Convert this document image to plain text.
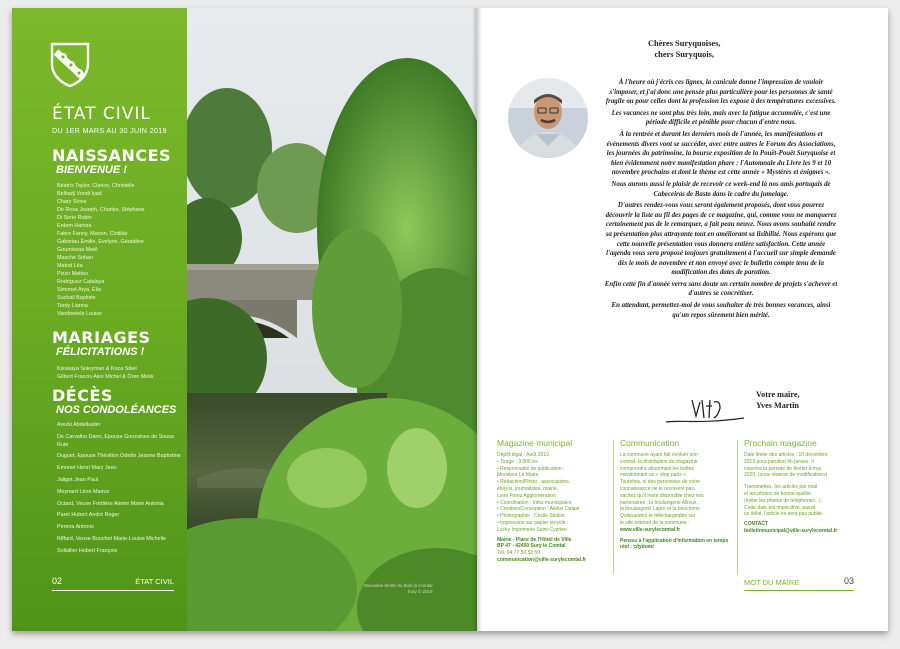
ÉTAT CIVIL
DU 1ER MARS AU 30 JUIN 2019
NAISSANCES
BIENVENUE !
Béatrix Taylor, Clarice, Christelle
Belhadj Vondi Iyad
Chary Sirine
De Rosa Joseph, Charles, Stéphane
Di Serio Robin
Erdem Hamza
Fabre Fanny, Manon, Clotilde
Gaboriau Émilie, Evelyne, Géraldine
Goumissaa Maël
Masche Sohan
Matrat Léa
Pizzo Matteo
Rodriguez Catalaya
Simonet Arya, Élia
Suchail Baptiste
Tardy Lianna
Vandewiele Louise
MARIAGES
FÉLICITATIONS !
Kisukaya Soleyman & Koca Sibel
Gilbert Francis Alex Michel & Ören Melis
DÉCÈS
NOS CONDOLÉANCES
Arezki Abdelkader
De Carvalho Dairo, Épouse Gonzalves de Sousa Rute
Duguet, Épouse Thévillon Odette Jeanne Baptistine
Emonet Henri Mary Jean
Jaligot Jean Paul
Meynard Léon Marius
Octard, Veuve Frédière Aimée Marie Antonia
Paret Hubert André Roger
Pereira Antonio
Riffard, Veuve Bouchet Marie-Louise Michelle
Sollallier Hubert François
02	ÉTAT CIVIL	Mouvaise Morte du Bois la Comtal
Sury © 2019
Chères Suryquoises,
chers Suryquois,

À l'heure où j'écris ces lignes, la canicule donne l'impression de vouloir s'imposer, et j'ai donc une pensée plus particulière pour les personnes de santé fragile ou pour celles dont la profession les expose à des températures excessives.

Les vacances ne sont plus très loin, mais avec la fatigue accumulée, c'est une période difficile et pénible pour chacun d'entre nous.

À la rentrée et durant les derniers mois de l'année, les manifestations et événements divers vont se succéder, avec entre autres le Forum des Associations, les journées du patrimoine, la bourse exposition de la Pouët-Pouët Suryquoise et bien évidemment notre manifestation phare : l'Automnale du Livre les 9 et 10 novembre prochains et dont le thème est cette année « Mystères et énigmes ».

Nous aurons aussi le plaisir de recevoir ce week-end là nos amis portugais de Cabeceiras de Basto dans le cadre du jumelage.

D'autres rendez-vous vous seront également proposés, dont vous pourrez découvrir la liste au fil des pages de ce magazine, qui, comme vous ne manquerez certainement pas de le remarquer, a fait peau neuve. Nous avons souhaité rendre sa présentation plus attrayante tout en améliorant sa lisibilité. Nous espérons que cette nouvelle présentation vous donnera entière satisfaction. Cette année l'agenda vous sera proposé toujours gratuitement à l'accueil sur simple demande dès le mois de novembre et non envoyé avec le bulletin compte tenu de la modification des dates de parution.

Enfin cette fin d'année verra sans doute un certain nombre de projets s'achever et d'autres se concrétiser.

En attendant, permettez-moi de vous souhaiter de très bonnes vacances, ainsi qu'un repos sûrement bien mérité.

Votre maire,
Yves Martin
Magazine municipal
Dépôt légal : Août 2019
• Tirage : 3 000 ex.
• Responsable de publication :
Monsieur Le Maire
• Rédaction/Photo : associations,
élu(e)s, journalistes, mairie,
Loire Forez Agglomération
• Coordination : Infos municipales
• Création/Conception : Atelier Dalale
• Photographie : Cécile Stollon
• Impression sur papier recyclé :
Lucky Imprimerie Saint-Cyprien
Mairie - Place de l'Hôtel de Ville
BP 47 - 42450 Sury le Comtal
Tél. 04 77 50 52 50
communication@ville-surylecomtal.fr
Communication
La commune ayant fait évoluer son
contrat, la distribution du magazine
comprendra désormais les boîtes
mentionnant un « stop pubs ».
Toutefois, si des personnes de votre
connaissance ne le reçoivent pas,
sachez qu'il reste disponible chez nos
partenaires : la boulangerie Allioux,
la boulangerie Lapro et la boucherie
Quiquandon et téléchargeable sur
le site internet de la commune :
www.ville-surylecomtal.fr
Pensez à l'application d'information en temps réel : citykomi
Prochain magazine
Date limite des articles : 10 décembre
2019 pour parution fin janvier. Il
couvrira la période de février à mai
2020. (sous réserve de modifications)
Transmettez, les articles par mail
et les photos de bonne qualité
(éviter les photos de téléphones...).
Cette date est impérative, passé
ce délai, l'article ne sera pas publié.
CONTACT
bulletinmunicipal@ville-surylecomtal.fr
MOT DU MAIRE	03
